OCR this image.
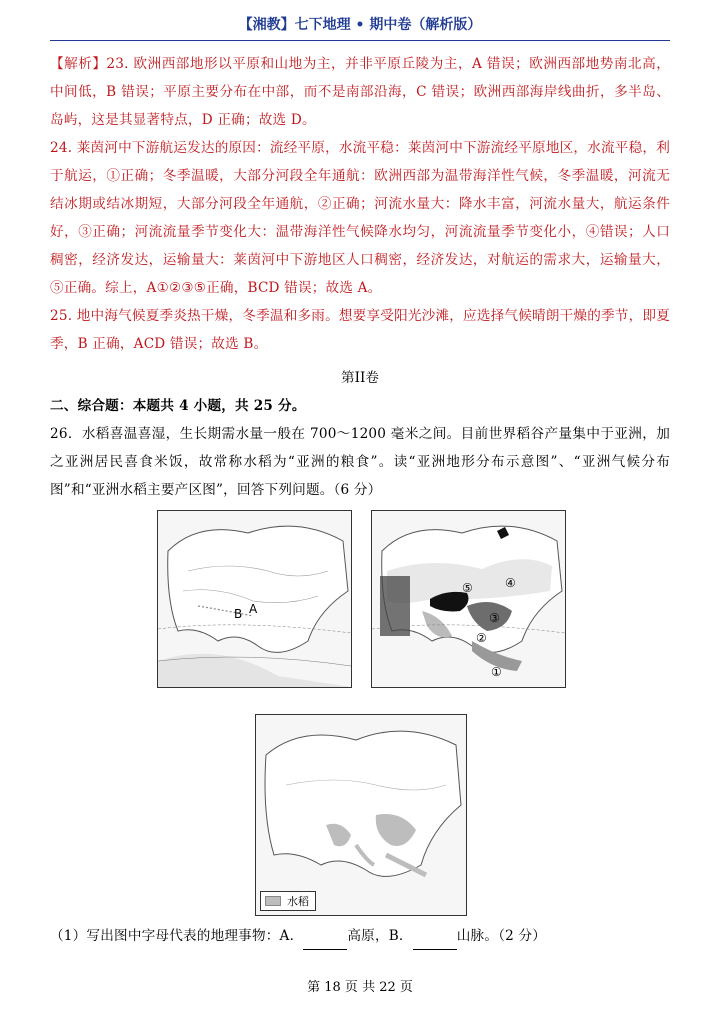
【湘教】七下地理 • 期中卷（解析版）
【解析】23. 欧洲西部地形以平原和山地为主，并非平原丘陵为主，A 错误；欧洲西部地势南北高，中间低，B 错误；平原主要分布在中部，而不是南部沿海，C 错误；欧洲西部海岸线曲折，多半岛、岛屿，这是其显著特点，D 正确；故选 D。
24. 莱茵河中下游航运发达的原因：流经平原，水流平稳：莱茵河中下游流经平原地区，水流平稳，利于航运，①正确；冬季温暖，大部分河段全年通航：欧洲西部为温带海洋性气候，冬季温暖，河流无结冰期或结冰期短，大部分河段全年通航，②正确；河流水量大：降水丰富，河流水量大，航运条件好，③正确；河流流量季节变化大：温带海洋性气候降水均匀，河流流量季节变化小，④错误；人口稠密，经济发达，运输量大：莱茵河中下游地区人口稠密，经济发达，对航运的需求大，运输量大，⑤正确。综上，A①②③⑤正确，BCD 错误；故选 A。
25. 地中海气候夏季炎热干燥，冬季温和多雨。想要享受阳光沙滩，应选择气候晴朗干燥的季节，即夏季，B 正确，ACD 错误；故选 B。
第II卷
二、综合题：本题共 4 小题，共 25 分。
26．水稻喜温喜湿，生长期需水量一般在 700～1200 毫米之间。目前世界稻谷产量集中于亚洲，加之亚洲居民喜食米饭，故常称水稻为“亚洲的粮食”。读“亚洲地形分布示意图”、“亚洲气候分布图”和“亚洲水稻主要产区图”，回答下列问题。（6 分）
B A
⑤	④
③
②
①
水稻
（1）写出图中字母代表的地理事物：A．	高原，B．	山脉。（2 分）
第 18 页 共 22 页
